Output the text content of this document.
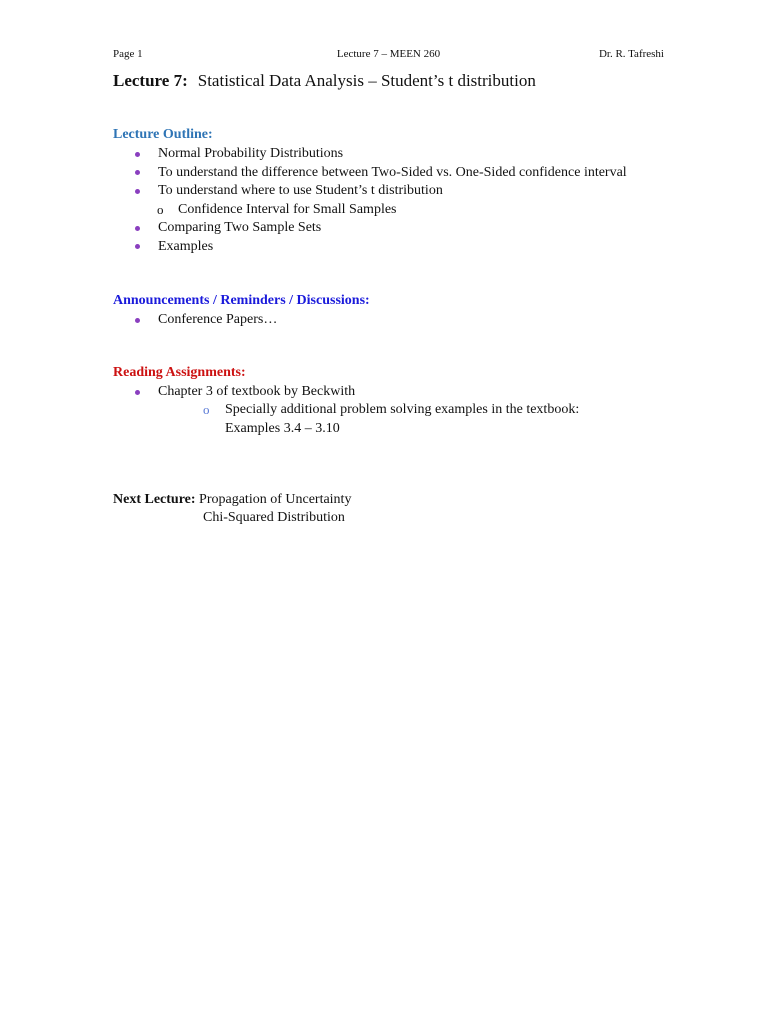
Page 1	Lecture 7 – MEEN 260	Dr. R. Tafreshi
Lecture 7: Statistical Data Analysis – Student’s t distribution
Lecture Outline:
Normal Probability Distributions
To understand the difference between Two-Sided vs. One-Sided confidence interval
To understand where to use Student’s t distribution
o Confidence Interval for Small Samples
Comparing Two Sample Sets
Examples
Announcements / Reminders / Discussions:
Conference Papers…
Reading Assignments:
Chapter 3 of textbook by Beckwith
o Specially additional problem solving examples in the textbook:
Examples 3.4 – 3.10
Next Lecture: Propagation of Uncertainty
Chi-Squared Distribution
